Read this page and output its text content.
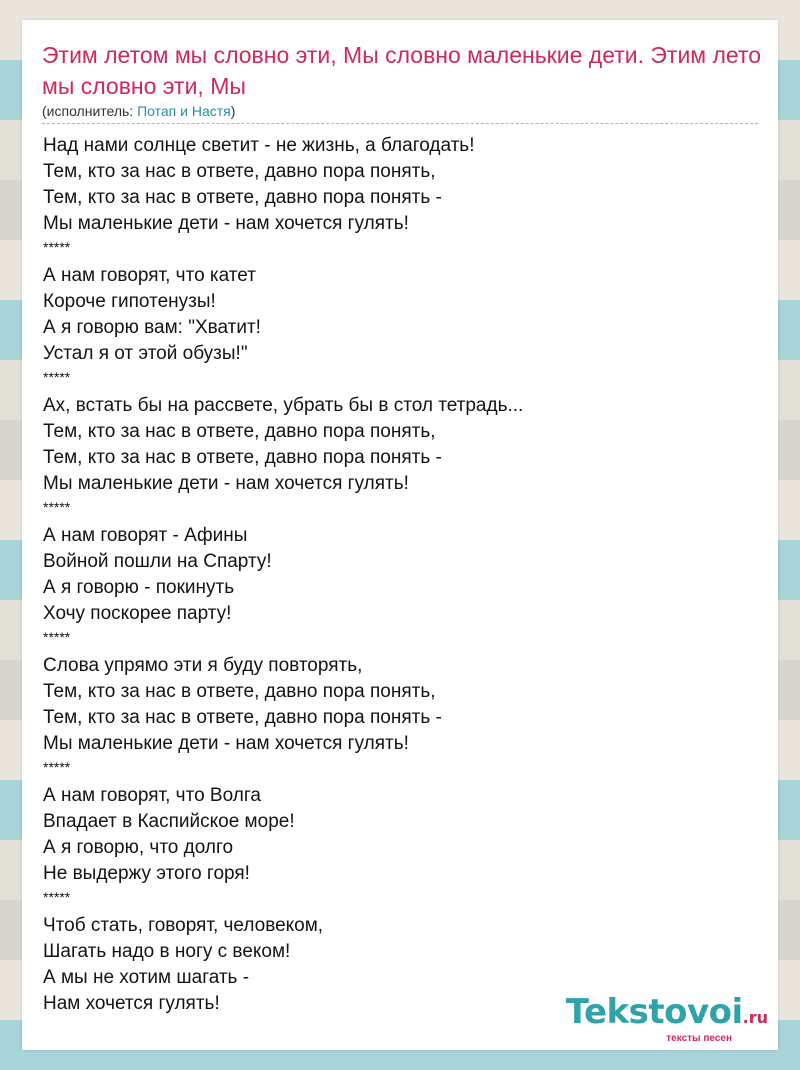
Этим летом мы словно эти, Мы словно маленькие дети. Этим лето мы словно эти, Мы
(исполнитель: Потап и Настя)
Над нами солнце светит - не жизнь, а благодать!
Тем, кто за нас в ответе, давно пора понять,
Тем, кто за нас в ответе, давно пора понять -
Мы маленькие дети - нам хочется гулять!
*****
А нам говорят, что катет
Короче гипотенузы!
А я говорю вам: "Хватит!
Устал я от этой обузы!"
*****
Ах, встать бы на рассвете, убрать бы в стол тетрадь...
Тем, кто за нас в ответе, давно пора понять,
Тем, кто за нас в ответе, давно пора понять -
Мы маленькие дети - нам хочется гулять!
*****
А нам говорят - Афины
Войной пошли на Спарту!
А я говорю - покинуть
Хочу поскорее парту!
*****
Слова упрямо эти я буду повторять,
Тем, кто за нас в ответе, давно пора понять,
Тем, кто за нас в ответе, давно пора понять -
Мы маленькие дети - нам хочется гулять!
*****
А нам говорят, что Волга
Впадает в Каспийское море!
А я говорю, что долго
Не выдержу этого горя!
*****
Чтоб стать, говорят, человеком,
Шагать надо в ногу с веком!
А мы не хотим шагать -
Нам хочется гулять!	Tekstovoi.ru
тексты песен
